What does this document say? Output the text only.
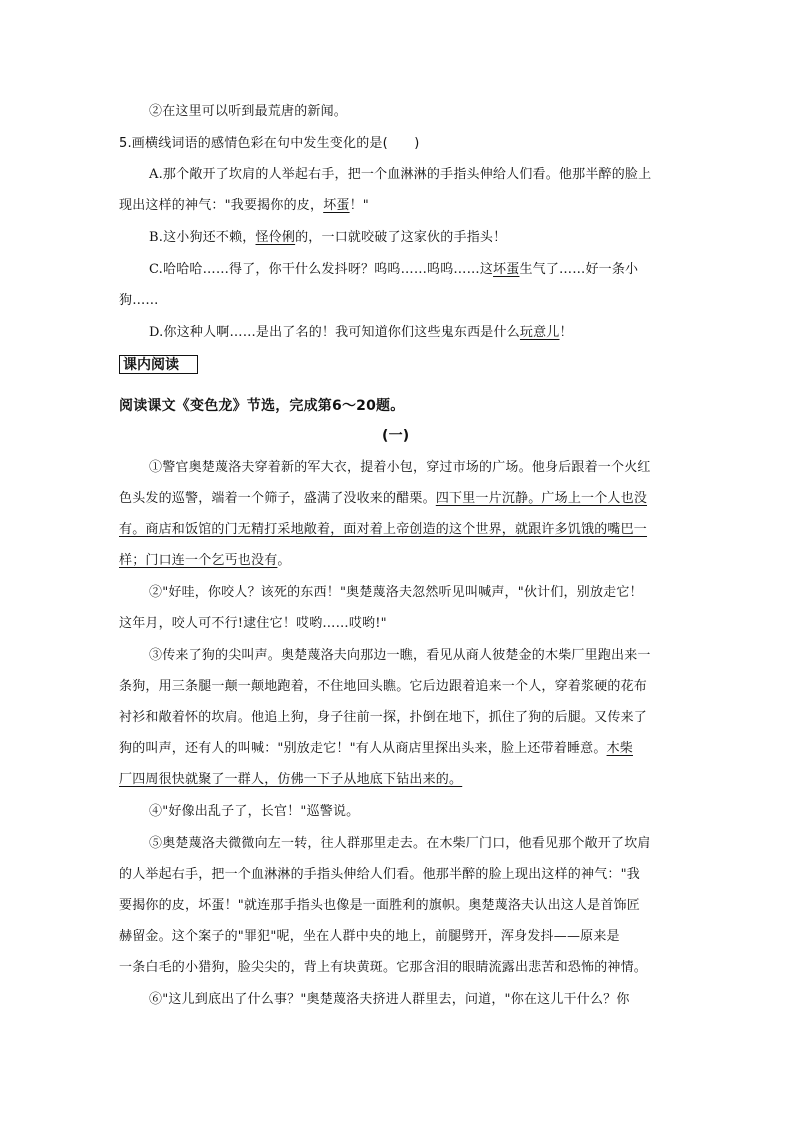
②在这里可以听到最荒唐的新闻。
5.画横线词语的感情色彩在句中发生变化的是(　　)
A.那个敞开了坎肩的人举起右手，把一个血淋淋的手指头伸给人们看。他那半醉的脸上
现出这样的神气："我要揭你的皮，坏蛋！"
B.这小狗还不赖，怪伶俐的，一口就咬破了这家伙的手指头！
C.哈哈哈……得了，你干什么发抖呀？呜呜……呜呜……这坏蛋生气了……好一条小
狗……
D.你这种人啊……是出了名的！我可知道你们这些鬼东西是什么玩意儿！
课内阅读
阅读课文《变色龙》节选，完成第6～20题。
(一)
①警官奥楚蔑洛夫穿着新的军大衣，提着小包，穿过市场的广场。他身后跟着一个火红
色头发的巡警，端着一个筛子，盛满了没收来的醋栗。四下里一片沉静。广场上一个人也没
有。商店和饭馆的门无精打采地敞着，面对着上帝创造的这个世界，就跟许多饥饿的嘴巴一
样；门口连一个乞丐也没有。
②"好哇，你咬人？该死的东西！"奥楚蔑洛夫忽然听见叫喊声，"伙计们，别放走它！
这年月，咬人可不行!逮住它！哎哟……哎哟!"
③传来了狗的尖叫声。奥楚蔑洛夫向那边一瞧，看见从商人彼楚金的木柴厂里跑出来一
条狗，用三条腿一颠一颠地跑着，不住地回头瞧。它后边跟着追来一个人，穿着浆硬的花布
衬衫和敞着怀的坎肩。他追上狗，身子往前一探，扑倒在地下，抓住了狗的后腿。又传来了
狗的叫声，还有人的叫喊："别放走它！"有人从商店里探出头来，脸上还带着睡意。木柴
厂四周很快就聚了一群人，仿佛一下子从地底下钻出来的。
④"好像出乱子了，长官！"巡警说。
⑤奥楚蔑洛夫微微向左一转，往人群那里走去。在木柴厂门口，他看见那个敞开了坎肩
的人举起右手，把一个血淋淋的手指头伸给人们看。他那半醉的脸上现出这样的神气："我
要揭你的皮，坏蛋！"就连那手指头也像是一面胜利的旗帜。奥楚蔑洛夫认出这人是首饰匠
赫留金。这个案子的"罪犯"呢，坐在人群中央的地上，前腿劈开，浑身发抖——原来是
一条白毛的小猎狗，脸尖尖的，背上有块黄斑。它那含泪的眼睛流露出悲苦和恐怖的神情。
⑥"这儿到底出了什么事？"奥楚蔑洛夫挤进人群里去，问道，"你在这儿干什么？你
